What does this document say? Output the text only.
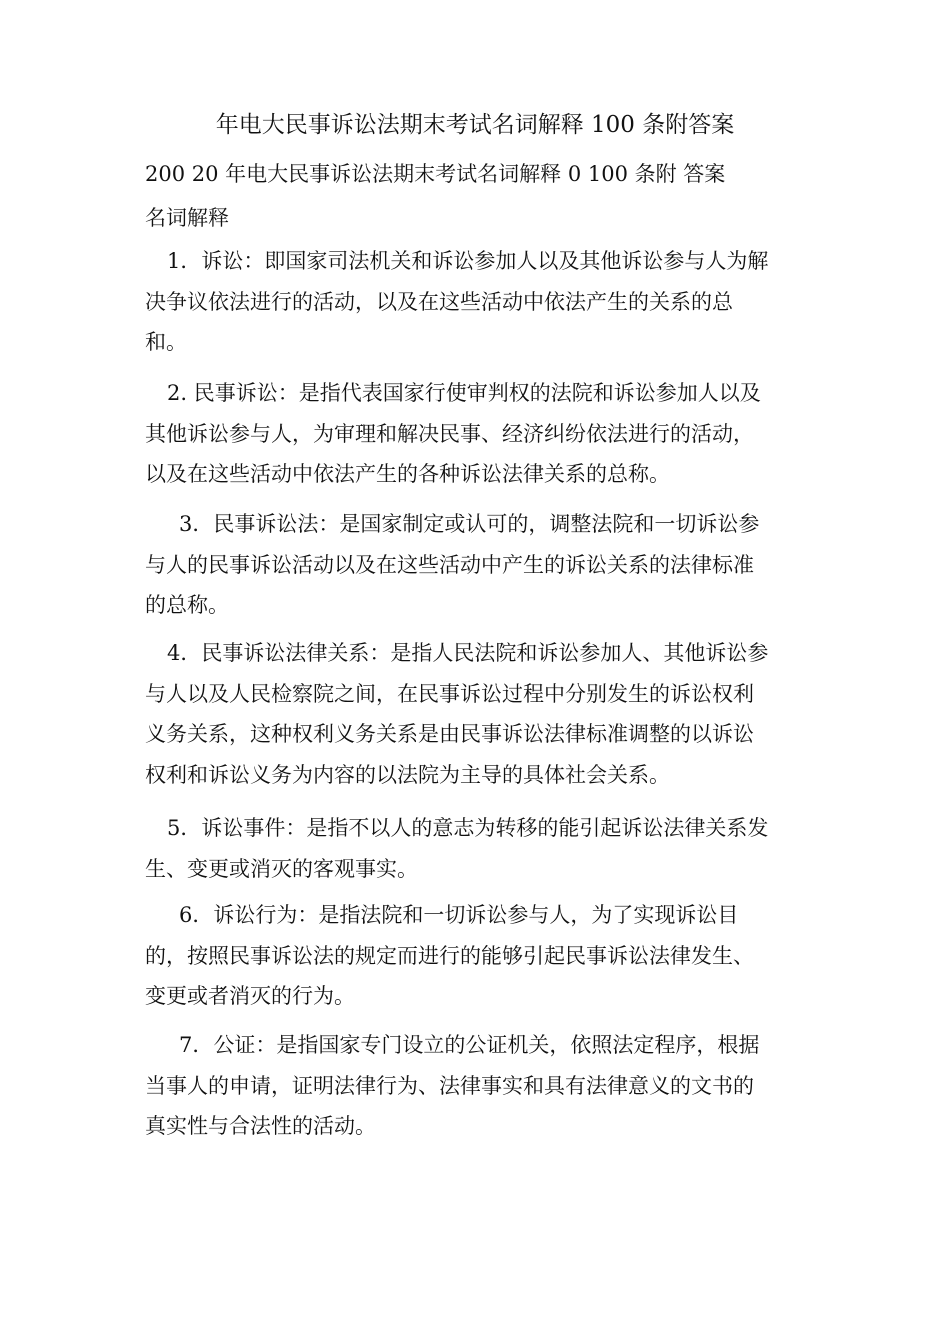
年电大民事诉讼法期末考试名词解释 100 条附答案
200 20 年电大民事诉讼法期末考试名词解释 0 100 条附 答案
名词解释
1．诉讼：即国家司法机关和诉讼参加人以及其他诉讼参与人为解
决争议依法进行的活动，以及在这些活动中依法产生的关系的总
和。
2. 民事诉讼：是指代表国家行使审判权的法院和诉讼参加人以及
其他诉讼参与人，为审理和解决民事、经济纠纷依法进行的活动，
以及在这些活动中依法产生的各种诉讼法律关系的总称。
3．民事诉讼法：是国家制定或认可的，调整法院和一切诉讼参
与人的民事诉讼活动以及在这些活动中产生的诉讼关系的法律标准
的总称。
4．民事诉讼法律关系：是指人民法院和诉讼参加人、其他诉讼参
与人以及人民检察院之间，在民事诉讼过程中分别发生的诉讼权利
义务关系，这种权利义务关系是由民事诉讼法律标准调整的以诉讼
权利和诉讼义务为内容的以法院为主导的具体社会关系。
5．诉讼事件：是指不以人的意志为转移的能引起诉讼法律关系发
生、变更或消灭的客观事实。
6．诉讼行为：是指法院和一切诉讼参与人，为了实现诉讼目
的，按照民事诉讼法的规定而进行的能够引起民事诉讼法律发生、
变更或者消灭的行为。
7．公证：是指国家专门设立的公证机关，依照法定程序，根据
当事人的申请，证明法律行为、法律事实和具有法律意义的文书的
真实性与合法性的活动。
